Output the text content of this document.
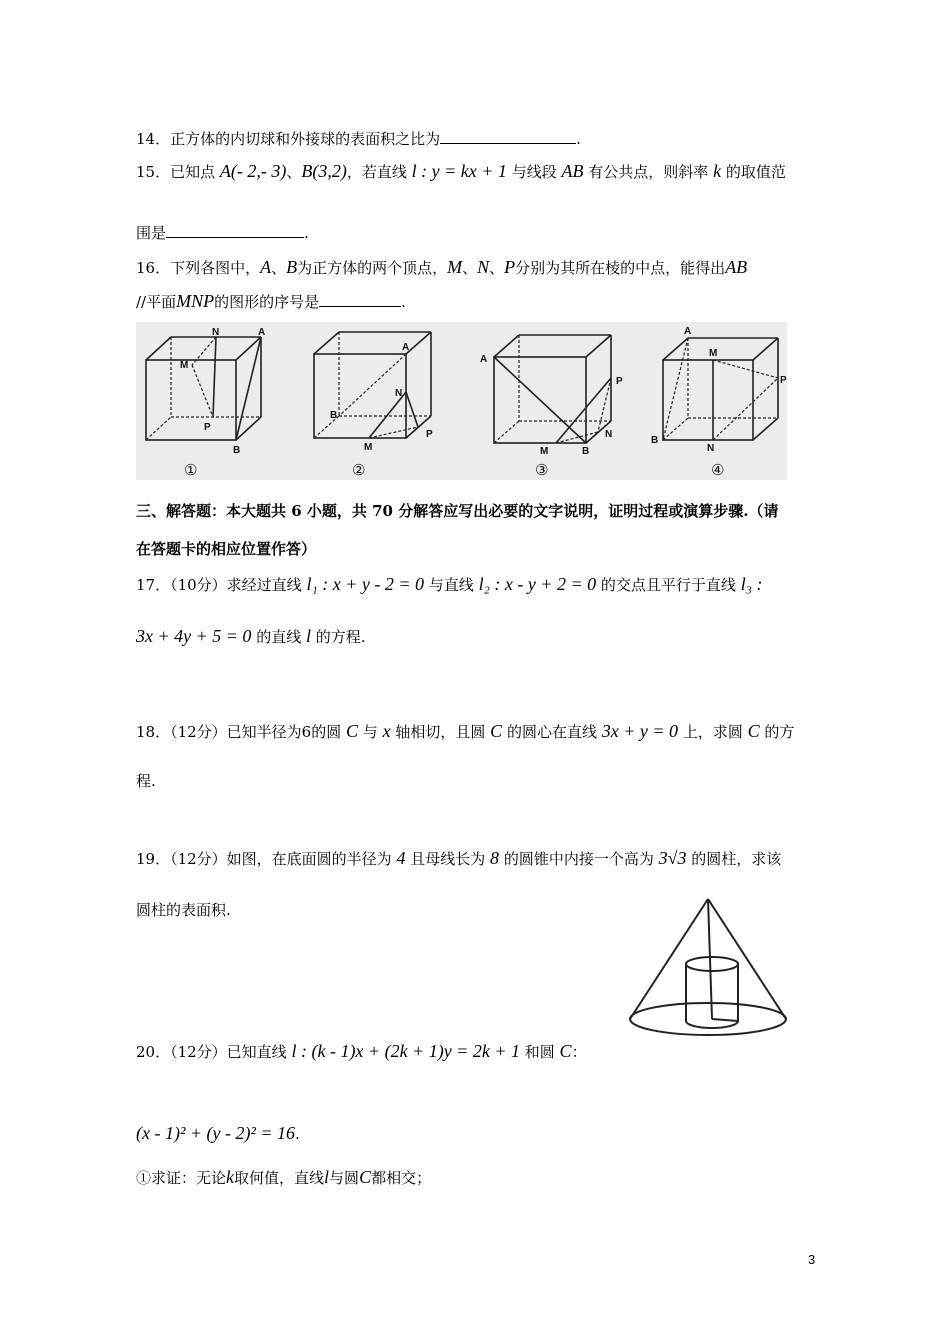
14．正方体的内切球和外接球的表面积之比为	.
15．已知点 A(- 2,- 3)、B(3,2)，若直线 l : y = kx + 1 与线段 AB 有公共点，则斜率 k 的取值范
围是	.
16．下列各图中，A、B为正方体的两个顶点，M、N、P分别为其所在棱的中点，能得出AB
//平面MNP的图形的序号是	.
N	A
M
P
B
A
N
B
M
P
A
P
N
M	B
A
M
P
B
N
①	②	③	④
三、解答题：本大题共 6 小题，共 70 分解答应写出必要的文字说明，证明过程或演算步骤.（请
在答题卡的相应位置作答）
17．（10分）求经过直线 l₁ : x + y - 2 = 0 与直线 l₂ : x - y + 2 = 0 的交点且平行于直线 l₃ :
3x + 4y + 5 = 0 的直线 l 的方程.
18．（12分）已知半径为6的圆 C 与 x 轴相切，且圆 C 的圆心在直线 3x + y = 0 上，求圆 C 的方
程.
19．（12分）如图，在底面圆的半径为 4 且母线长为 8 的圆锥中内接一个高为 3√3 的圆柱，求该
圆柱的表面积.
20．（12分）已知直线 l : (k - 1)x + (2k + 1)y = 2k + 1 和圆 C：
(x - 1)² + (y - 2)² = 16.
①求证：无论k取何值，直线l与圆C都相交；
3
